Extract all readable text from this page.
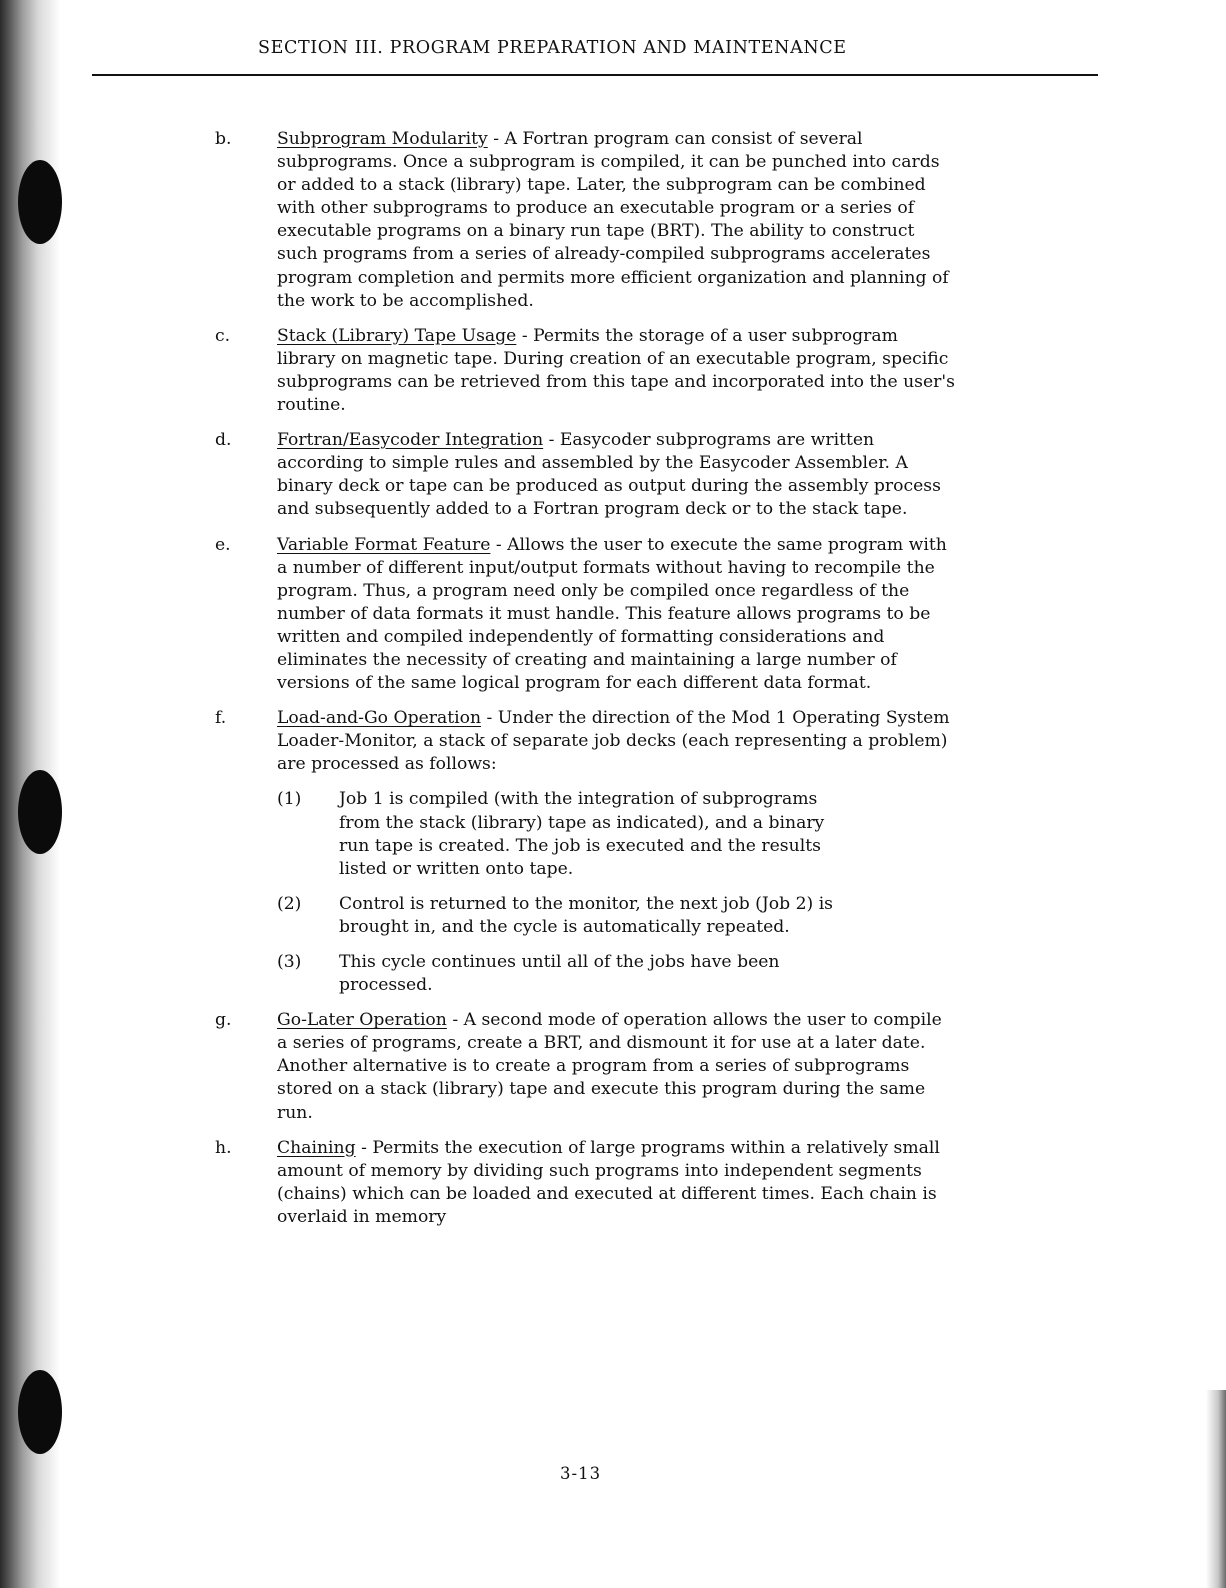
SECTION III. PROGRAM PREPARATION AND MAINTENANCE
b.	Subprogram Modularity - A Fortran program can consist of several subprograms. Once a subprogram is compiled, it can be punched into cards or added to a stack (library) tape. Later, the subprogram can be combined with other subprograms to produce an executable program or a series of executable programs on a binary run tape (BRT). The ability to construct such programs from a series of already-compiled subprograms accelerates program completion and permits more efficient organization and planning of the work to be accomplished.
c.	Stack (Library) Tape Usage - Permits the storage of a user subprogram library on magnetic tape. During creation of an executable program, specific subprograms can be retrieved from this tape and incorporated into the user's routine.
d.	Fortran/Easycoder Integration - Easycoder subprograms are written according to simple rules and assembled by the Easycoder Assembler. A binary deck or tape can be produced as output during the assembly process and subsequently added to a Fortran program deck or to the stack tape.
e.	Variable Format Feature - Allows the user to execute the same program with a number of different input/output formats without having to recompile the program. Thus, a program need only be compiled once regardless of the number of data formats it must handle. This feature allows programs to be written and compiled independently of formatting considerations and eliminates the necessity of creating and maintaining a large number of versions of the same logical program for each different data format.
f.	Load-and-Go Operation - Under the direction of the Mod 1 Operating System Loader-Monitor, a stack of separate job decks (each representing a problem) are processed as follows:
(1) Job 1 is compiled (with the integration of subprograms from the stack (library) tape as indicated), and a binary run tape is created. The job is executed and the results listed or written onto tape.
(2) Control is returned to the monitor, the next job (Job 2) is brought in, and the cycle is automatically repeated.
(3) This cycle continues until all of the jobs have been processed.
g.	Go-Later Operation - A second mode of operation allows the user to compile a series of programs, create a BRT, and dismount it for use at a later date. Another alternative is to create a program from a series of subprograms stored on a stack (library) tape and execute this program during the same run.
h.	Chaining - Permits the execution of large programs within a relatively small amount of memory by dividing such programs into independent segments (chains) which can be loaded and executed at different times. Each chain is overlaid in memory
3-13
